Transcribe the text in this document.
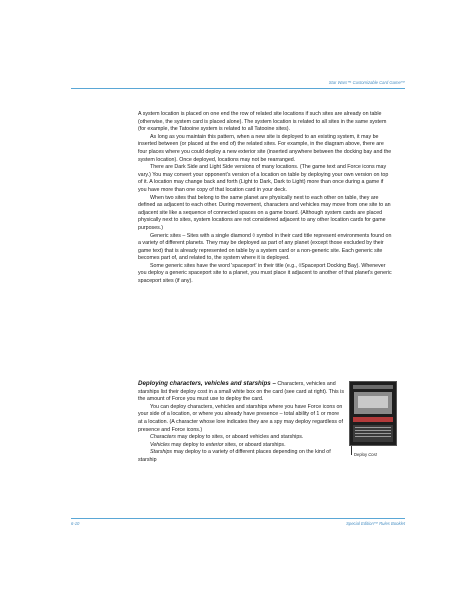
Star Wars™ Customizable Card Game™

A system location is placed on one end the row of related site locations if such sites are already on table (otherwise, the system card is placed alone). The system location is related to all sites in the same system (for example, the Tatooine system is related to all Tatooine sites).

As long as you maintain this pattern, when a new site is deployed to an existing system, it may be inserted between (or placed at the end of) the related sites. For example, in the diagram above, there are four places where you could deploy a new exterior site (inserted anywhere between the docking bay and the system location). Once deployed, locations may not be rearranged.

There are Dark Side and Light Side versions of many locations. (The game text and Force icons may vary.) You may convert your opponent's version of a location on table by deploying your own version on top of it. A location may change back and forth (Light to Dark, Dark to Light) more than once during a game if you have more than one copy of that location card in your deck.

When two sites that belong to the same planet are physically next to each other on table, they are defined as adjacent to each other. During movement, characters and vehicles may move from one site to an adjacent site like a sequence of connected spaces on a game board. (Although system cards are placed physically next to sites, system locations are not considered adjacent to any other location cards for game purposes.)

Generic sites – Sites with a single diamond ◊ symbol in their card title represent environments found on a variety of different planets. They may be deployed as part of any planet (except those excluded by their game text) that is already represented on table by a system card or a non-generic site. Each generic site becomes part of, and related to, the system where it is deployed.

Some generic sites have the word 'spaceport' in their title (e.g., ◊Spaceport Docking Bay). Whenever you deploy a generic spaceport site to a planet, you must place it adjacent to another of that planet's generic spaceport sites (if any).

Deploying characters, vehicles and starships – Characters, vehicles and starships list their deploy cost in a small white box on the card (see card at right). This is the amount of Force you must use to deploy the card.

You can deploy characters, vehicles and starships where you have Force icons on your side of a location, or where you already have presence – total ability of 1 or more at a location. (A character whose lore indicates they are a spy may deploy regardless of presence and Force icons.)

Characters may deploy to sites, or aboard vehicles and starships.

Vehicles may deploy to exterior sites, or aboard starships.

Starships may deploy to a variety of different places depending on the kind of starship

Deploy Cost
6-10	Special Edition™ Rules Booklet
